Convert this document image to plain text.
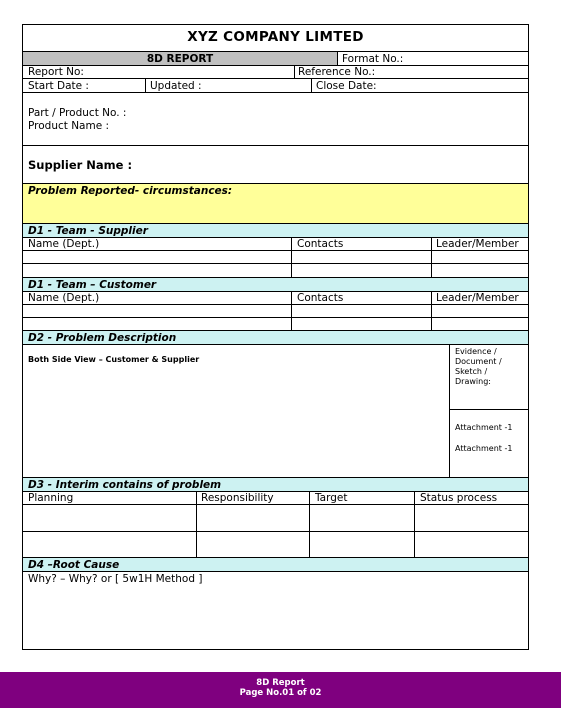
XYZ COMPANY LIMTED
8D REPORT	Format No.:
Report No:	Reference No.:
Start Date :	Updated :	Close Date:
Part / Product No. :
Product Name :
Supplier Name :
Problem Reported- circumstances:
D1 - Team - Supplier
Name (Dept.)	Contacts	Leader/Member
D1 - Team – Customer
Name (Dept.)	Contacts	Leader/Member
D2 - Problem Description
Both Side View – Customer & Supplier
Evidence /
Document /
Sketch /
Drawing:
Attachment -1
Attachment -1
D3 - Interim contains of problem
Planning	Responsibility	Target	Status process
D4 –Root Cause
Why? – Why? or [ 5w1H Method ]
8D Report
Page No.01 of 02
